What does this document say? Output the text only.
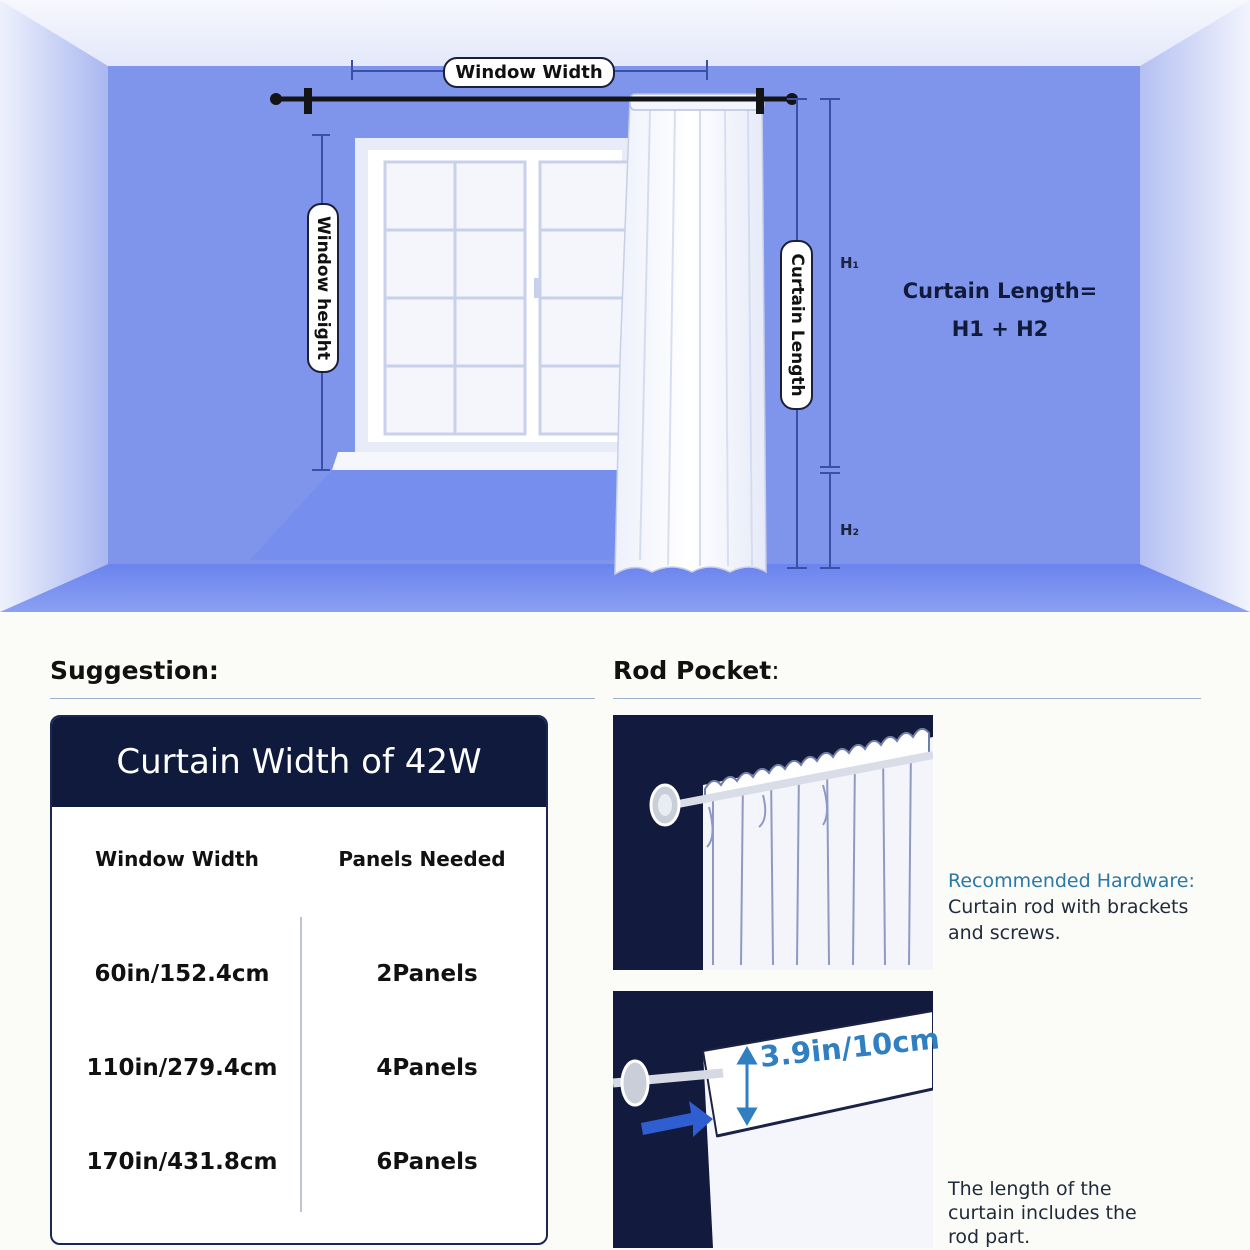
Window Width
Window height	Curtain Length H₁
H₂
Curtain Length=
H1 + H2
Suggestion:
Curtain Width of 42W
Window Width	Panels Needed
60in/152.4cm	2Panels
110in/279.4cm	4Panels
170in/431.8cm	6Panels
Rod Pocket:
Recommended Hardware:
Curtain rod with brackets and screws.
3.9in/10cm
The length of the curtain includes the rod part.
